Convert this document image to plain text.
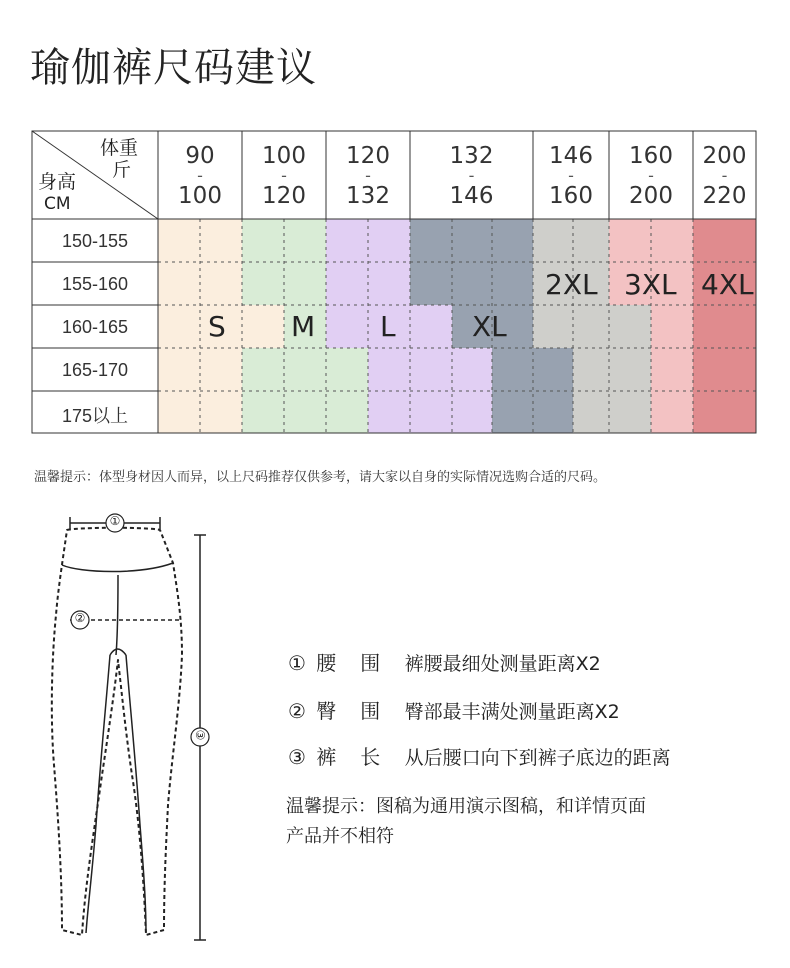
瑜伽裤尺码建议
体重
斤
身高
CM
90
-
100
100
-
120
120
-
132
132
-
146
146
-
160
160
-
200
200
-
220
150-155
155-160
160-165
165-170
175以上
S M L	XL
2XL 3XL 4XL
温馨提示：体型身材因人而异，以上尺码推荐仅供参考，请大家以自身的实际情况选购合适的尺码。
①
②
③
① 腰　围 裤腰最细处测量距离X2
② 臀　围 臀部最丰满处测量距离X2
③ 裤　长 从后腰口向下到裤子底边的距离
温馨提示：图稿为通用演示图稿，和详情页面
产品并不相符
